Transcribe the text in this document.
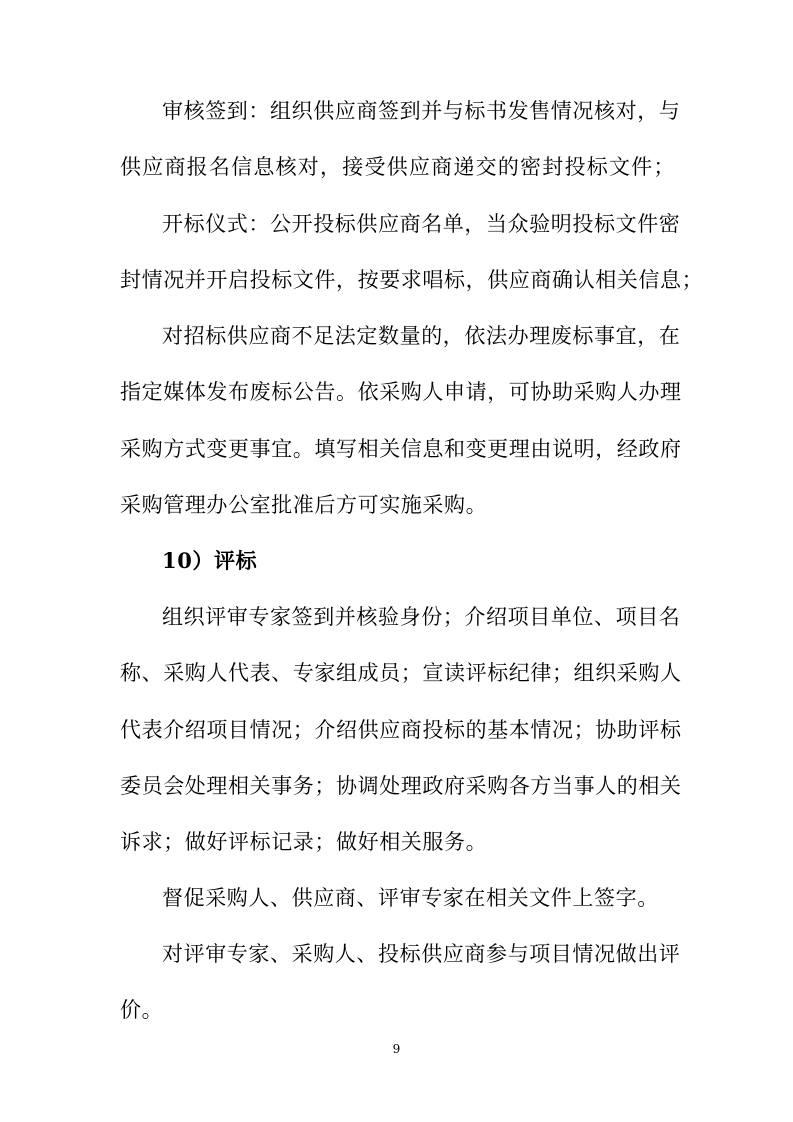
审核签到：组织供应商签到并与标书发售情况核对，与
供应商报名信息核对，接受供应商递交的密封投标文件；
开标仪式：公开投标供应商名单，当众验明投标文件密
封情况并开启投标文件，按要求唱标，供应商确认相关信息；
对招标供应商不足法定数量的，依法办理废标事宜，在
指定媒体发布废标公告。依采购人申请，可协助采购人办理
采购方式变更事宜。填写相关信息和变更理由说明，经政府
采购管理办公室批准后方可实施采购。
10）评标
组织评审专家签到并核验身份；介绍项目单位、项目名
称、采购人代表、专家组成员；宣读评标纪律；组织采购人
代表介绍项目情况；介绍供应商投标的基本情况；协助评标
委员会处理相关事务；协调处理政府采购各方当事人的相关
诉求；做好评标记录；做好相关服务。
督促采购人、供应商、评审专家在相关文件上签字。
对评审专家、采购人、投标供应商参与项目情况做出评
价。
9
